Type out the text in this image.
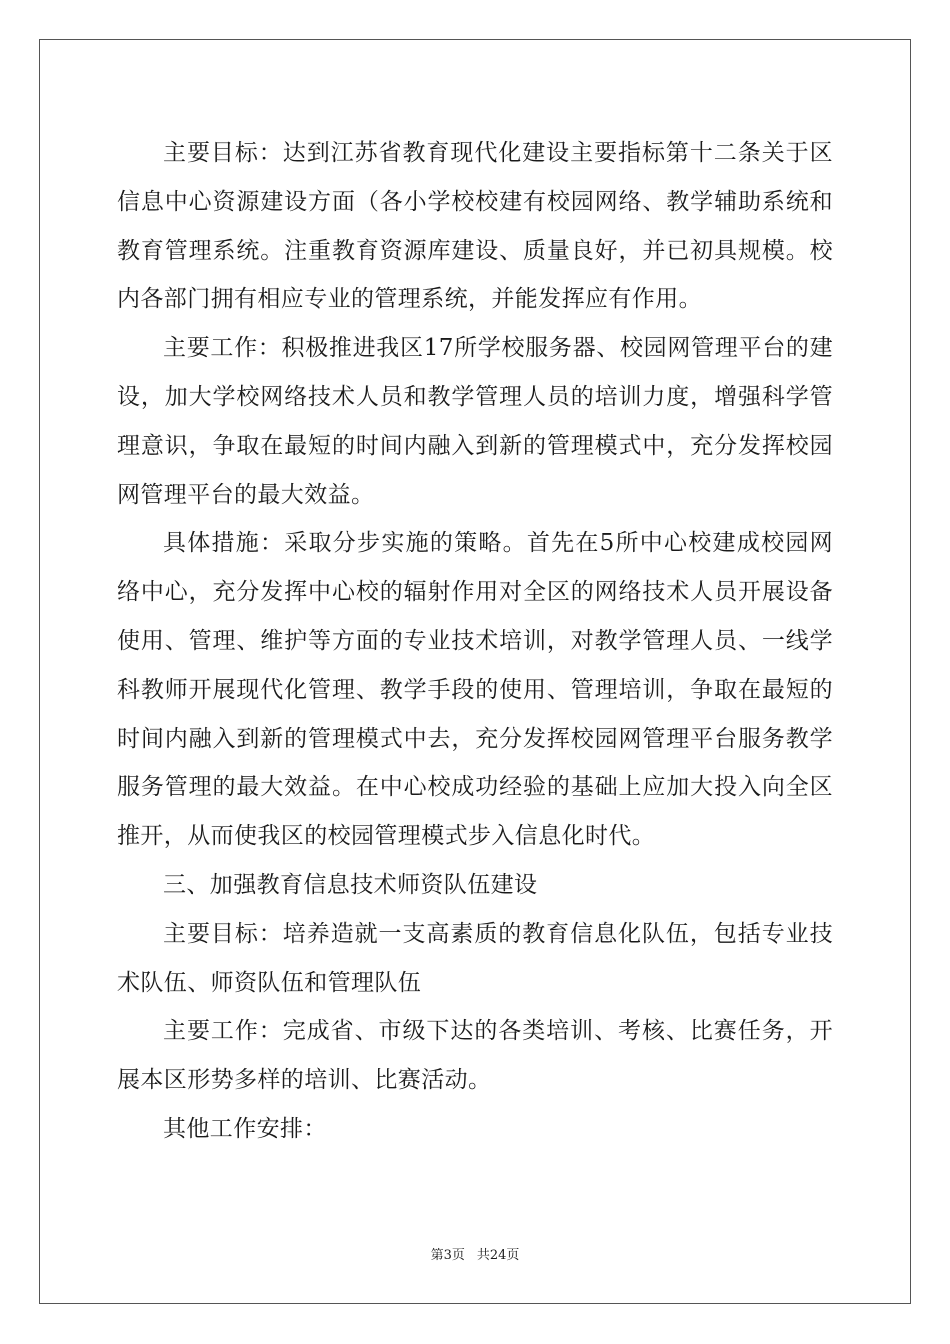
主要目标：达到江苏省教育现代化建设主要指标第十二条关于区信息中心资源建设方面（各小学校校建有校园网络、教学辅助系统和教育管理系统。注重教育资源库建设、质量良好，并已初具规模。校内各部门拥有相应专业的管理系统，并能发挥应有作用。

主要工作：积极推进我区17所学校服务器、校园网管理平台的建设，加大学校网络技术人员和教学管理人员的培训力度，增强科学管理意识，争取在最短的时间内融入到新的管理模式中，充分发挥校园网管理平台的最大效益。

具体措施：采取分步实施的策略。首先在5所中心校建成校园网络中心，充分发挥中心校的辐射作用对全区的网络技术人员开展设备使用、管理、维护等方面的专业技术培训，对教学管理人员、一线学科教师开展现代化管理、教学手段的使用、管理培训，争取在最短的时间内融入到新的管理模式中去，充分发挥校园网管理平台服务教学服务管理的最大效益。在中心校成功经验的基础上应加大投入向全区推开，从而使我区的校园管理模式步入信息化时代。

三、加强教育信息技术师资队伍建设

主要目标：培养造就一支高素质的教育信息化队伍，包括专业技术队伍、师资队伍和管理队伍

主要工作：完成省、市级下达的各类培训、考核、比赛任务，开展本区形势多样的培训、比赛活动。

其他工作安排：

第3页 共24页
